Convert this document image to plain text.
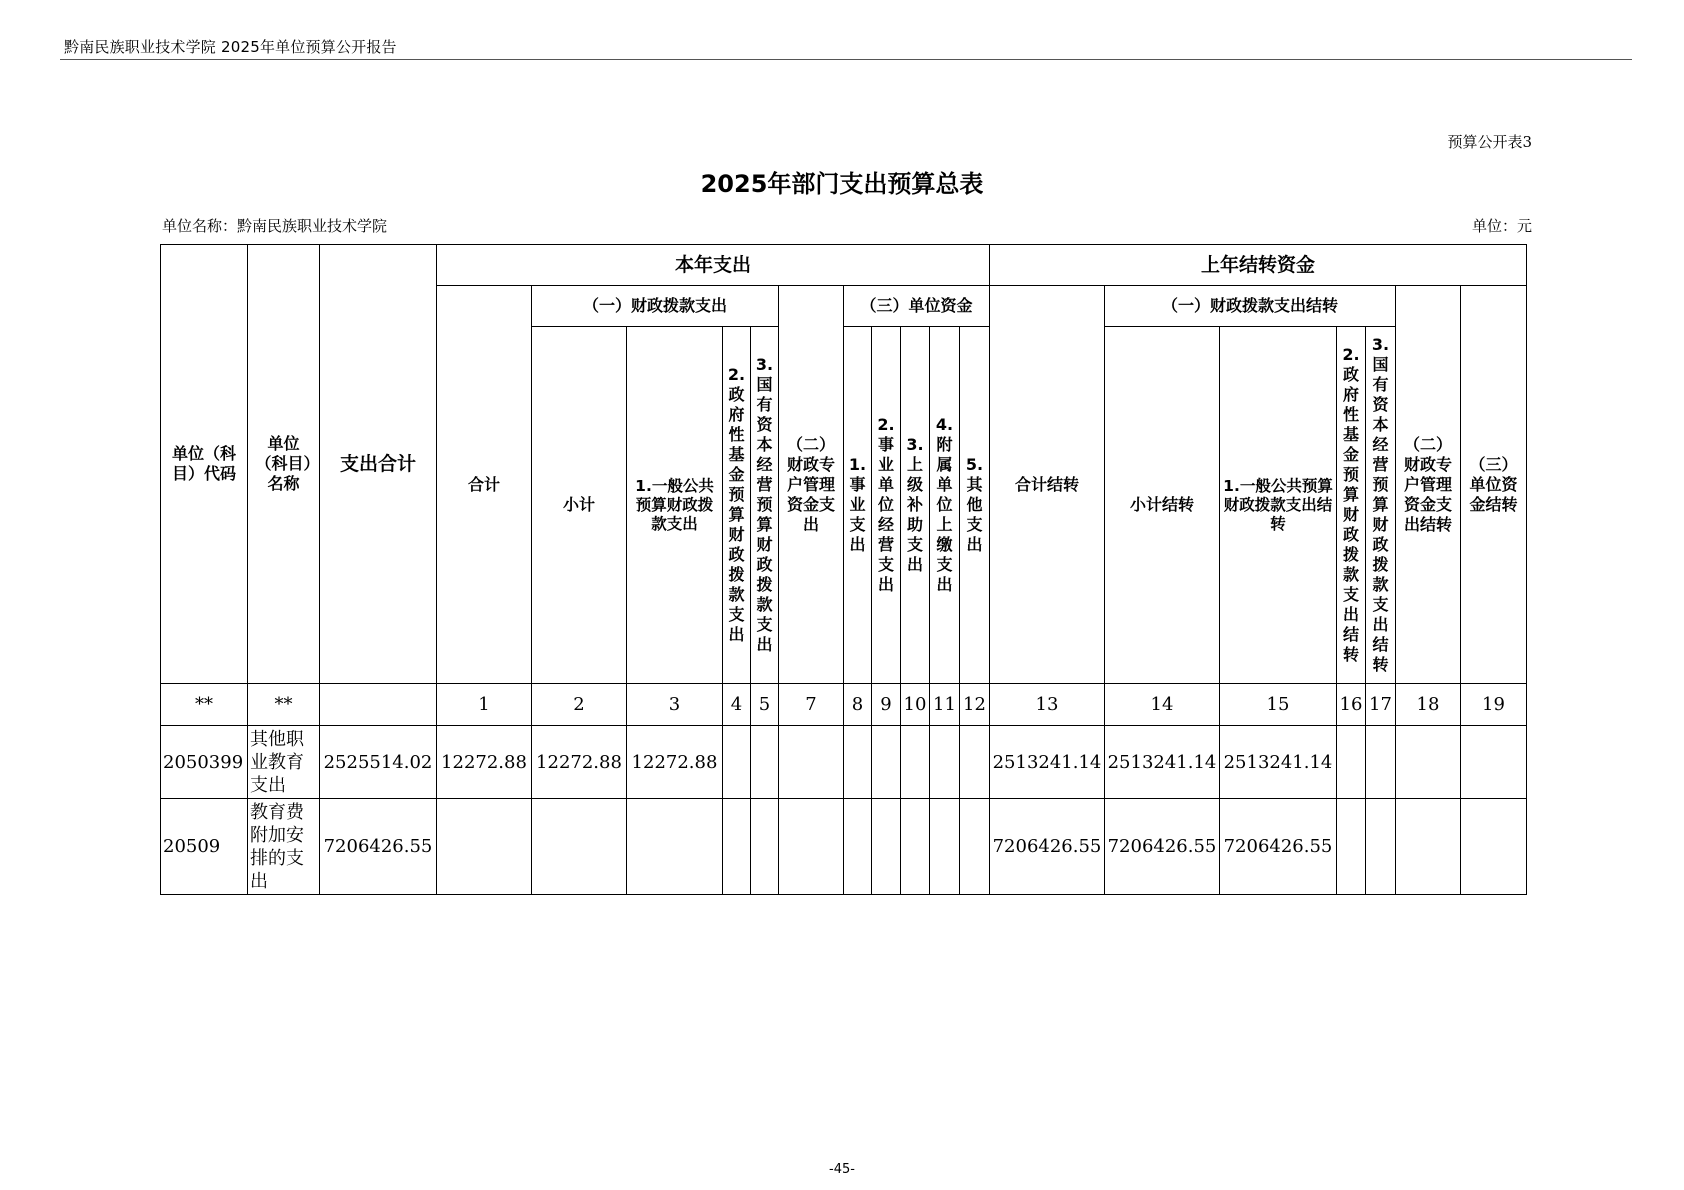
黔南民族职业技术学院 2025年单位预算公开报告
预算公开表3
2025年部门支出预算总表
单位名称：黔南民族职业技术学院	单位：元
单位（科目）代码	单位（科目）名称	支出合计	本年支出											上年结转资金						
			合计	（一）财政拨款支出				（二）财政专户管理资金支出	（三）单位资金					合计结转	（一）财政拨款支出结转				（二）财政专户管理资金支出结转	（三）单位资金结转
				小计	1.一般公共预算财政拨款支出	2.政府性基金预算财政拨款支出	3.国有资本经营预算财政拨款支出		1.事业支出	2.事业单位经营支出	3.上级补助支出	4.附属单位上缴支出	5.其他支出		小计结转	1.一般公共预算财政拨款支出结转	2.政府性基金预算财政拨款支出结转	3.国有资本经营预算财政拨款支出结转		
**	**		1	2	3	4	5	7	8	9	10	11	12	13	14	15	16	17	18	19
2050399	其他职业教育支出	2525514.02	12272.88	12272.88	12272.88									2513241.14	2513241.14	2513241.14				
20509	教育费附加安排的支出	7206426.55												7206426.55	7206426.55	7206426.55				
-45-
